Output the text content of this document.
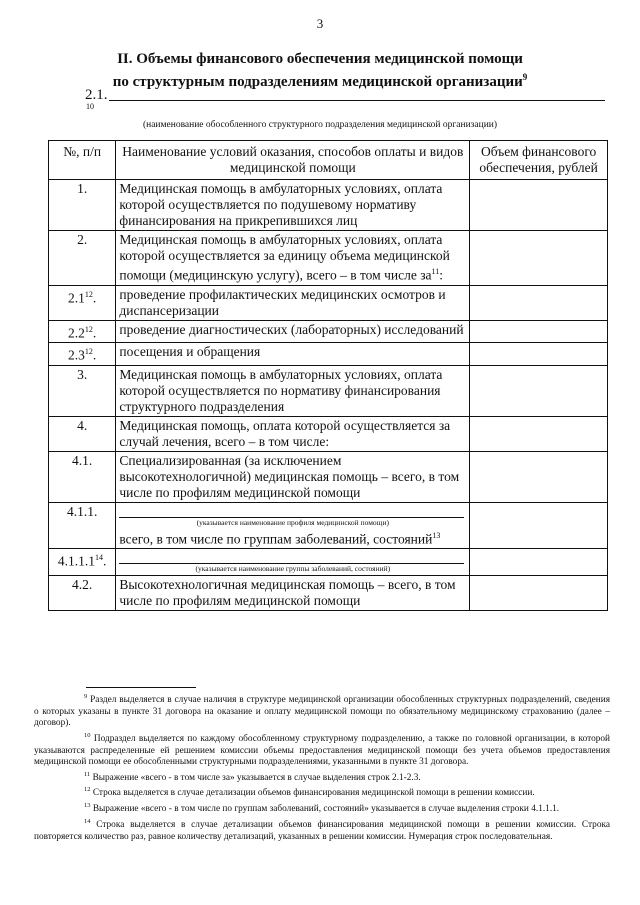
3
II. Объемы финансового обеспечения медицинской помощи
по структурным подразделениям медицинской организации$^9$
2.1.
10
(наименование обособленного структурного подразделения медицинской организации)
№, п/п	Наименование условий оказания, способов оплаты и видов медицинской помощи	Объем финансового обеспечения, рублей
1.	Медицинская помощь в амбулаторных условиях, оплата которой осуществляется по подушевому нормативу финансирования на прикрепившихся лиц	
2.	Медицинская помощь в амбулаторных условиях, оплата которой осуществляется за единицу объема медицинской помощи (медицинскую услугу), всего – в том числе $за^{11}$:	
$2.1^{12}$.	проведение профилактических медицинских осмотров и диспансеризации	
$2.2^{12}$.	проведение диагностических (лабораторных) исследований	
$2.3^{12}$.	посещения и обращения	
3.	Медицинская помощь в амбулаторных условиях, оплата которой осуществляется по нормативу финансирования структурного подразделения	
4.	Медицинская помощь, оплата которой осуществляется за случай лечения, всего – в том числе:	
4.1.	Специализированная (за исключением высокотехнологичной) медицинская помощь – всего, в том числе по профилям медицинской помощи	
4.1.1.	(указывается наименование профиля медицинской помощи)
всего, в том числе по группам заболеваний, состояний$^{13}$

4.1.1.1$^{14}$.	(указывается наименование группы заболеваний, состояний)	

4.2.	Высокотехнологичная медицинская помощь – всего, в том числе по профилям медицинской помощи	

$^9$ Раздел выделяется в случае наличия в структуре медицинской организации обособленных структурных подразделений, сведения о которых указаны в пункте 31 договора на оказание и оплату медицинской помощи по обязательному медицинскому страхованию (далее – договор).

$^{10}$ Подраздел выделяется по каждому обособленному структурному подразделению, а также по головной организации, в которой указываются распределенные ей решением комиссии объемы предоставления медицинской помощи без учета объемов предоставления медицинской помощи ее обособленными структурными подразделениями, указанными в пункте 31 договора.

$^{11}$ Выражение «всего - в том числе за» указывается в случае выделения строк 2.1-2.3.

$^{12}$ Строка выделяется в случае детализации объемов финансирования медицинской помощи в решении комиссии.

$^{13}$ Выражение «всего - в том числе по группам заболеваний, состояний» указывается в случае выделения строки 4.1.1.1.

$^{14}$ Строка выделяется в случае детализации объемов финансирования медицинской помощи в решении комиссии. Строка повторяется количество раз, равное количеству детализаций, указанных в решении комиссии. Нумерация строк последовательная.
